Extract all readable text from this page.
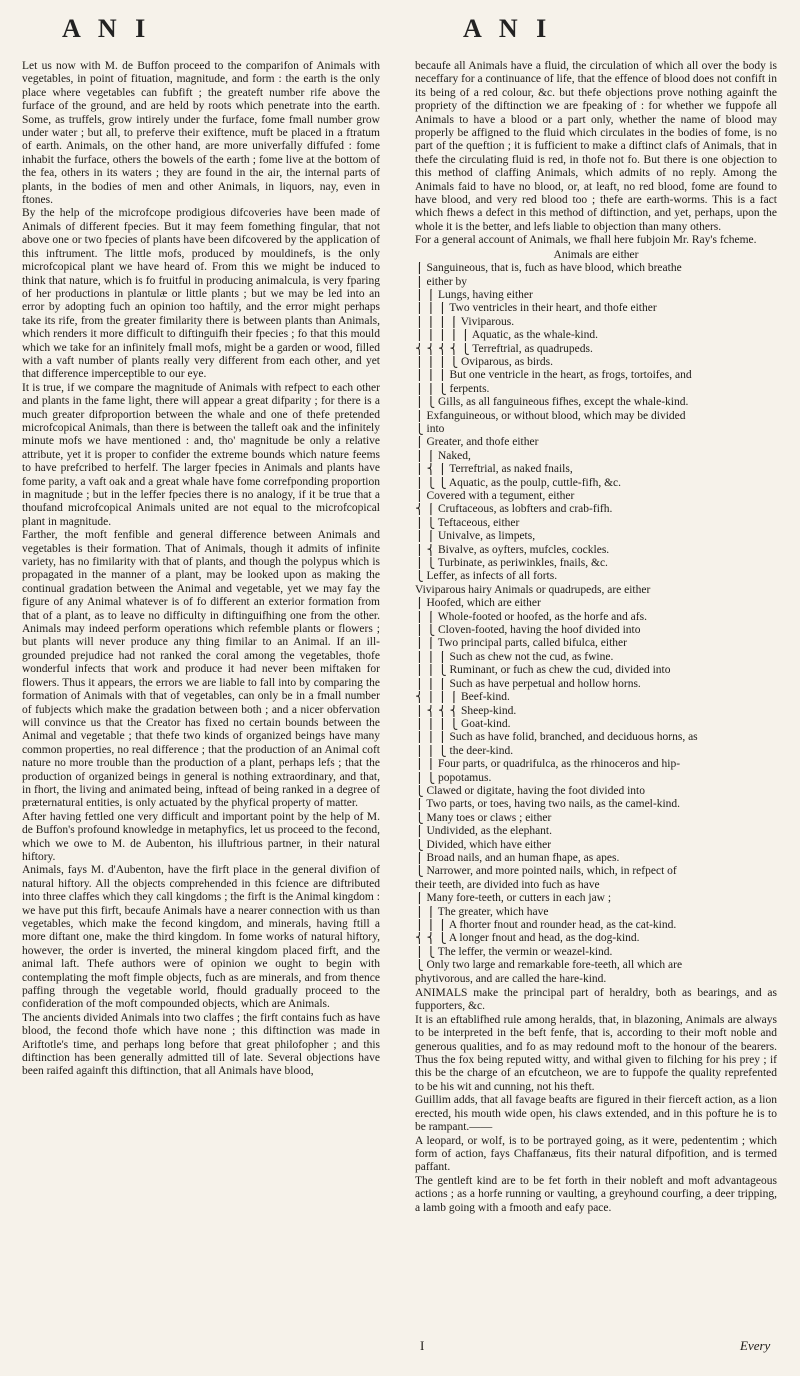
A N I	A N I

Let us now with M. de Buffon proceed to the comparifon of Animals with vegetables, in point of fituation, magnitude, and form : the earth is the only place where vegetables can fubfift ; the greateft number rife above the furface of the ground, and are held by roots which penetrate into the earth. Some, as truffels, grow intirely under the furface, fome fmall number grow under water ; but all, to preferve their exiftence, muft be placed in a ftratum of earth. Animals, on the other hand, are more univerfally diffufed : fome inhabit the furface, others the bowels of the earth ; fome live at the bottom of the fea, others in its waters ; they are found in the air, the internal parts of plants, in the bodies of men and other Animals, in liquors, nay, even in ftones.

By the help of the microfcope prodigious difcoveries have been made of Animals of different fpecies. But it may feem fomething fingular, that not above one or two fpecies of plants have been difcovered by the application of this inftrument. The little mofs, produced by mouldinefs, is the only microfcopical plant we have heard of. From this we might be induced to think that nature, which is fo fruitful in producing animalcula, is very fparing of her productions in plantulæ or little plants ; but we may be led into an error by adopting fuch an opinion too haftily, and the error might perhaps take its rife, from the greater fimilarity there is between plants than Animals, which renders it more difficult to diftinguifh their fpecies ; fo that this mould which we take for an infinitely fmall mofs, might be a garden or wood, filled with a vaft number of plants really very different from each other, and yet that difference imperceptible to our eye.

It is true, if we compare the magnitude of Animals with refpect to each other and plants in the fame light, there will appear a great difparity ; for there is a much greater difproportion between the whale and one of thefe pretended microfcopical Animals, than there is between the talleft oak and the infinitely minute mofs we have mentioned : and, tho' magnitude be only a relative attribute, yet it is proper to confider the extreme bounds which nature feems to have prefcribed to herfelf. The larger fpecies in Animals and plants have fome parity, a vaft oak and a great whale have fome correfponding proportion in magnitude ; but in the leffer fpecies there is no analogy, if it be true that a thoufand microfcopical Animals united are not equal to the microfcopical plant in magnitude.

Farther, the moft fenfible and general difference between Animals and vegetables is their formation. That of Animals, though it admits of infinite variety, has no fimilarity with that of plants, and though the polypus which is propagated in the manner of a plant, may be looked upon as making the continual gradation between the Animal and vegetable, yet we may fay the figure of any Animal whatever is of fo different an exterior formation from that of a plant, as to leave no difficulty in diftinguifhing one from the other. Animals may indeed perform operations which refemble plants or flowers ; but plants will never produce any thing fimilar to an Animal. If an ill-grounded prejudice had not ranked the coral among the vegetables, thofe wonderful infects that work and produce it had never been miftaken for flowers. Thus it appears, the errors we are liable to fall into by comparing the formation of Animals with that of vegetables, can only be in a fmall number of fubjects which make the gradation between both ; and a nicer obfervation will convince us that the Creator has fixed no certain bounds between the Animal and vegetable ; that thefe two kinds of organized beings have many common properties, no real difference ; that the production of an Animal coft nature no more trouble than the production of a plant, perhaps lefs ; that the production of organized beings in general is nothing extraordinary, and that, in fhort, the living and animated being, inftead of being ranked in a degree of præternatural entities, is only actuated by the phyfical property of matter.

After having fettled one very difficult and important point by the help of M. de Buffon's profound knowledge in metaphyfics, let us proceed to the fecond, which we owe to M. de Aubenton, his illuftrious partner, in their natural hiftory.

Animals, fays M. d'Aubenton, have the firft place in the general divifion of natural hiftory. All the objects comprehended in this fcience are diftributed into three claffes which they call kingdoms ; the firft is the Animal kingdom : we have put this firft, becaufe Animals have a nearer connection with us than vegetables, which make the fecond kingdom, and minerals, having ftill a more diftant one, make the third kingdom. In fome works of natural hiftory, however, the order is inverted, the mineral kingdom placed firft, and the animal laft. Thefe authors were of opinion we ought to begin with contemplating the moft fimple objects, fuch as are minerals, and from thence paffing through the vegetable world, fhould gradually proceed to the confideration of the moft compounded objects, which are Animals.

The ancients divided Animals into two claffes ; the firft contains fuch as have blood, the fecond thofe which have none ; this diftinction was made in Ariftotle's time, and perhaps long before that great philofopher ; and this diftinction has been generally admitted till of late. Several objections have been raifed againft this diftinction, that all Animals have blood,

becaufe all Animals have a fluid, the circulation of which all over the body is neceffary for a continuance of life, that the effence of blood does not confift in its being of a red colour, &c. but thefe objections prove nothing againft the propriety of the diftinction we are fpeaking of : for whether we fuppofe all Animals to have a blood or a part only, whether the name of blood may properly be affigned to the fluid which circulates in the bodies of fome, is no part of the queftion ; it is fufficient to make a diftinct clafs of Animals, that in thefe the circulating fluid is red, in thofe not fo. But there is one objection to this method of claffing Animals, which admits of no reply. Among the Animals faid to have no blood, or, at leaft, no red blood, fome are found to have blood, and very red blood too ; thefe are earth-worms. This is a fact which fhews a defect in this method of diftinction, and yet, perhaps, upon the whole it is the better, and lefs liable to objection than many others.

For a general account of Animals, we fhall here fubjoin Mr. Ray's fcheme.

Animals are either
⎧ Sanguineous, that is, fuch as have blood, which breathe
⎪ either by
⎪ ⎧ Lungs, having either
⎪ ⎪ ⎧ Two ventricles in their heart, and thofe either
⎪ ⎪ ⎪ ⎧ Viviparous.
⎪ ⎪ ⎪ ⎪ ⎧ Aquatic, as the whale-kind.
⎨ ⎨ ⎨ ⎨ ⎩ Terreftrial, as quadrupeds.
⎪ ⎪ ⎪ ⎩ Oviparous, as birds.
⎪ ⎪ ⎪ But one ventricle in the heart, as frogs, tortoifes, and
⎪ ⎪ ⎩ ferpents.
⎪ ⎩ Gills, as all fanguineous fifhes, except the whale-kind.
⎪ Exfanguineous, or without blood, which may be divided
⎩ into
⎧ Greater, and thofe either
⎪ ⎧ Naked,
⎪ ⎨ ⎧ Terreftrial, as naked fnails,
⎪ ⎩ ⎩ Aquatic, as the poulp, cuttle-fifh, &c.
⎪ Covered with a tegument, either
⎨ ⎧ Cruftaceous, as lobfters and crab-fifh.
⎪ ⎩ Teftaceous, either
⎪ ⎧ Univalve, as limpets,
⎪ ⎨ Bivalve, as oyfters, mufcles, cockles.
⎪ ⎩ Turbinate, as periwinkles, fnails, &c.
⎩ Leffer, as infects of all forts.
Viviparous hairy Animals or quadrupeds, are either
⎧ Hoofed, which are either
⎪ ⎧ Whole-footed or hoofed, as the horfe and afs.
⎪ ⎩ Cloven-footed, having the hoof divided into
⎪ ⎧ Two principal parts, called bifulca, either
⎪ ⎪ ⎧ Such as chew not the cud, as fwine.
⎪ ⎪ ⎩ Ruminant, or fuch as chew the cud, divided into
⎪ ⎪ ⎧ Such as have perpetual and hollow horns.
⎨ ⎪ ⎪ ⎧ Beef-kind.
⎪ ⎨ ⎨ ⎨ Sheep-kind.
⎪ ⎪ ⎪ ⎩ Goat-kind.
⎪ ⎪ ⎪ Such as have folid, branched, and deciduous horns, as
⎪ ⎪ ⎩ the deer-kind.
⎪ ⎪ Four parts, or quadrifulca, as the rhinoceros and hip-
⎪ ⎩ popotamus.
⎩ Clawed or digitate, having the foot divided into
⎧ Two parts, or toes, having two nails, as the camel-kind.
⎩ Many toes or claws ; either
⎧ Undivided, as the elephant.
⎩ Divided, which have either
⎧ Broad nails, and an human fhape, as apes.
⎩ Narrower, and more pointed nails, which, in refpect of
their teeth, are divided into fuch as have
⎧ Many fore-teeth, or cutters in each jaw ;
⎪ ⎧ The greater, which have
⎪ ⎪ ⎧ A fhorter fnout and rounder head, as the cat-kind.
⎨ ⎨ ⎩ A longer fnout and head, as the dog-kind.
⎪ ⎩ The leffer, the vermin or weazel-kind.
⎩ Only two large and remarkable fore-teeth, all which are
phytivorous, and are called the hare-kind.

ANIMALS make the principal part of heraldry, both as bearings, and as fupporters, &c.

It is an eftablifhed rule among heralds, that, in blazoning, Animals are always to be interpreted in the beft fenfe, that is, according to their moft noble and generous qualities, and fo as may redound moft to the honour of the bearers. Thus the fox being reputed witty, and withal given to filching for his prey ; if this be the charge of an efcutcheon, we are to fuppofe the quality reprefented to be his wit and cunning, not his theft.

Guillim adds, that all favage beafts are figured in their fierceft action, as a lion erected, his mouth wide open, his claws extended, and in this pofture he is to be rampant.——

A leopard, or wolf, is to be portrayed going, as it were, pedententim ; which form of action, fays Chaffanæus, fits their natural difpofition, and is termed paffant.

The gentleft kind are to be fet forth in their nobleft and moft advantageous actions ; as a horfe running or vaulting, a greyhound courfing, a deer tripping, a lamb going with a fmooth and eafy pace.

I	Every
